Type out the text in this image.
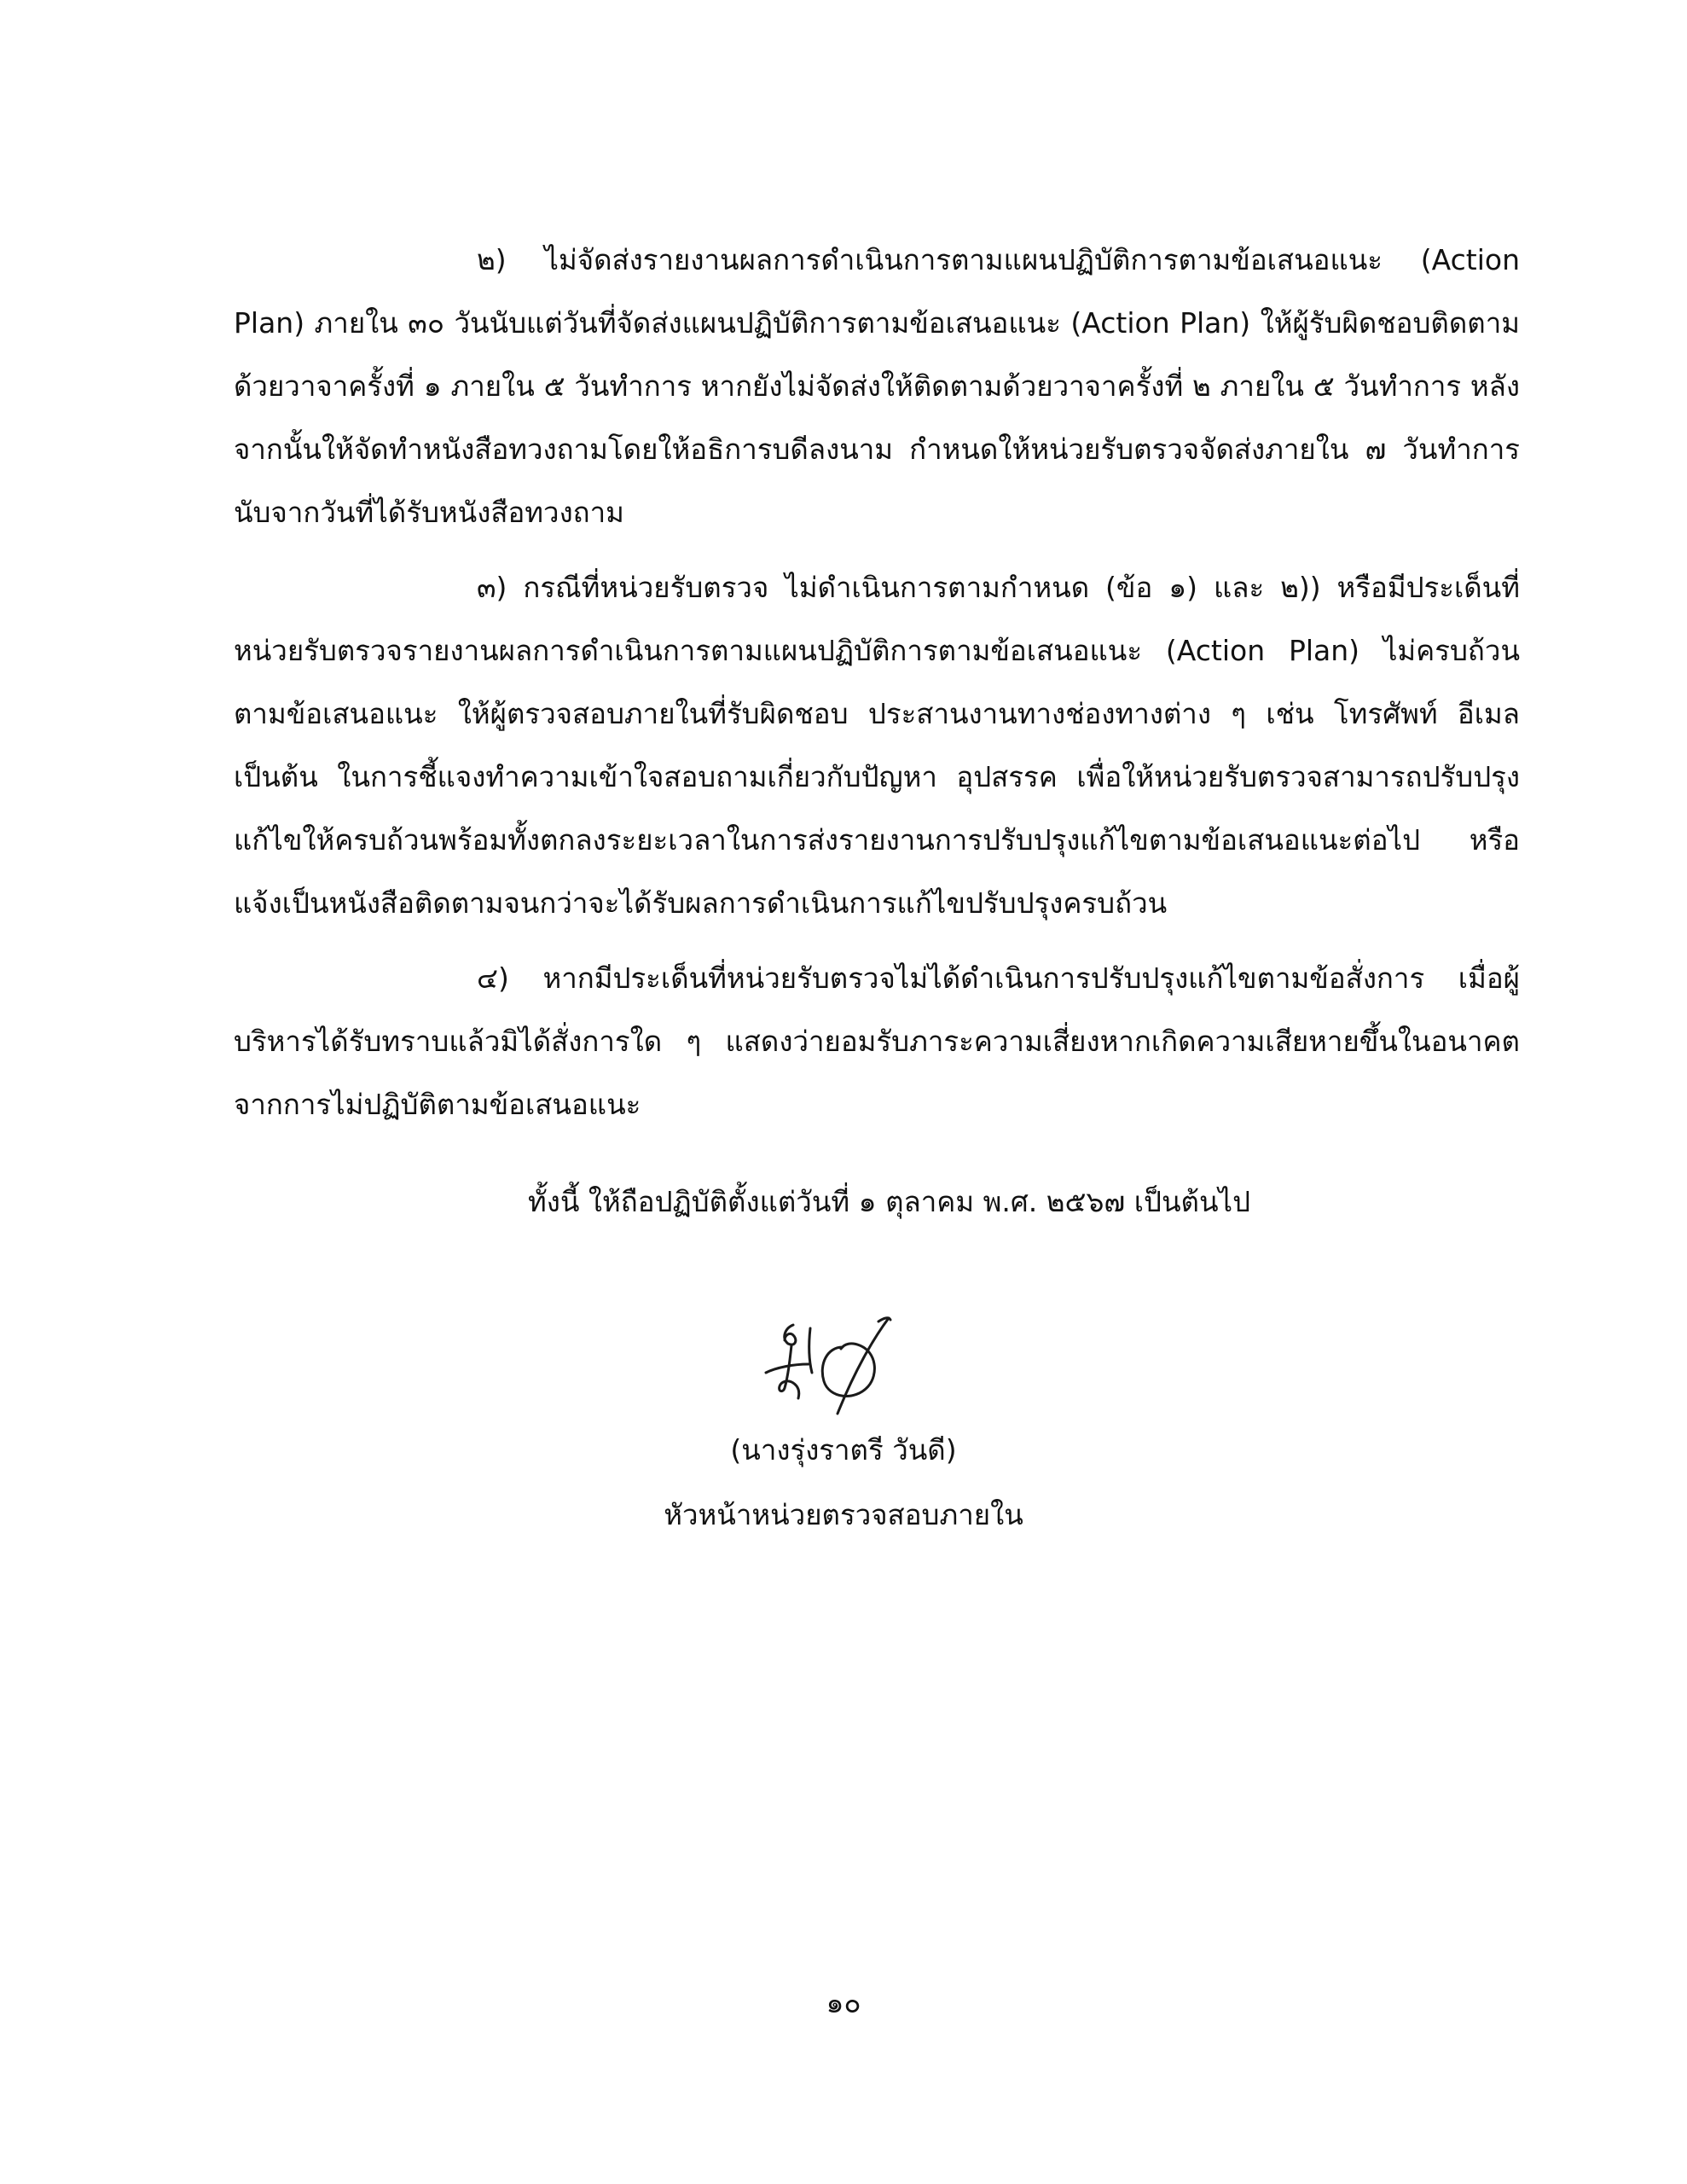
๒) ไม่จัดส่งรายงานผลการดำเนินการตามแผนปฏิบัติการตามข้อเสนอแนะ (Action Plan) ภายใน ๓๐ วันนับแต่วันที่จัดส่งแผนปฏิบัติการตามข้อเสนอแนะ (Action Plan) ให้ผู้รับผิดชอบติดตามด้วยวาจาครั้งที่ ๑ ภายใน ๕ วันทำการ หากยังไม่จัดส่งให้ติดตามด้วยวาจาครั้งที่ ๒ ภายใน ๕ วันทำการ หลังจากนั้นให้จัดทำหนังสือทวงถามโดยให้อธิการบดีลงนาม กำหนดให้หน่วยรับตรวจจัดส่งภายใน ๗ วันทำการ นับจากวันที่ได้รับหนังสือทวงถาม

๓) กรณีที่หน่วยรับตรวจ ไม่ดำเนินการตามกำหนด (ข้อ ๑) และ ๒)) หรือมีประเด็นที่หน่วยรับตรวจรายงานผลการดำเนินการตามแผนปฏิบัติการตามข้อเสนอแนะ (Action Plan) ไม่ครบถ้วนตามข้อเสนอแนะ ให้ผู้ตรวจสอบภายในที่รับผิดชอบ ประสานงานทางช่องทางต่าง ๆ เช่น โทรศัพท์ อีเมล เป็นต้น ในการชี้แจงทำความเข้าใจสอบถามเกี่ยวกับปัญหา อุปสรรค เพื่อให้หน่วยรับตรวจสามารถปรับปรุงแก้ไขให้ครบถ้วนพร้อมทั้งตกลงระยะเวลาในการส่งรายงานการปรับปรุงแก้ไขตามข้อเสนอแนะต่อไป หรือแจ้งเป็นหนังสือติดตามจนกว่าจะได้รับผลการดำเนินการแก้ไขปรับปรุงครบถ้วน

๔) หากมีประเด็นที่หน่วยรับตรวจไม่ได้ดำเนินการปรับปรุงแก้ไขตามข้อสั่งการ เมื่อผู้บริหารได้รับทราบแล้วมิได้สั่งการใด ๆ แสดงว่ายอมรับภาระความเสี่ยงหากเกิดความเสียหายขึ้นในอนาคตจากการไม่ปฏิบัติตามข้อเสนอแนะ

ทั้งนี้ ให้ถือปฏิบัติตั้งแต่วันที่ ๑ ตุลาคม พ.ศ. ๒๕๖๗ เป็นต้นไป
(นางรุ่งราตรี วันดี)
หัวหน้าหน่วยตรวจสอบภายใน
๑๐
